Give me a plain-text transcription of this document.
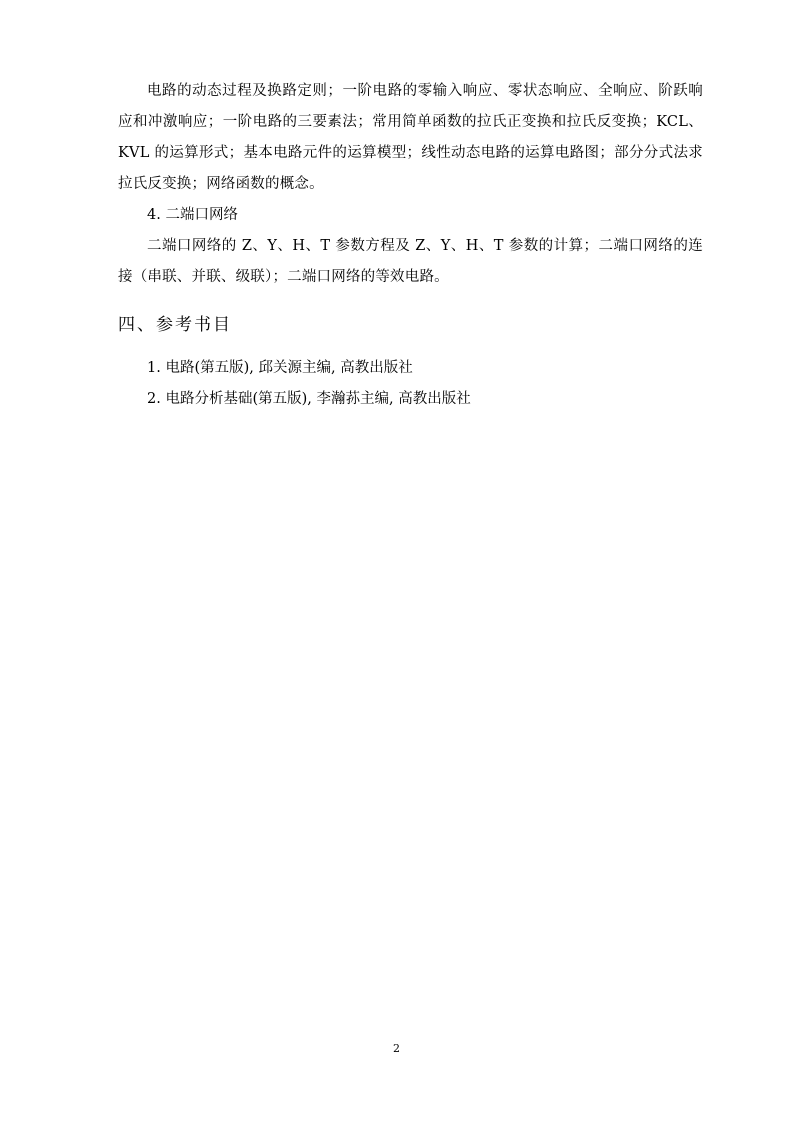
电路的动态过程及换路定则；一阶电路的零输入响应、零状态响应、全响应、阶跃响应和冲激响应；一阶电路的三要素法；常用简单函数的拉氏正变换和拉氏反变换；KCL、KVL 的运算形式；基本电路元件的运算模型；线性动态电路的运算电路图；部分分式法求拉氏反变换；网络函数的概念。

4. 二端口网络

二端口网络的 Z、Y、H、T 参数方程及 Z、Y、H、T 参数的计算；二端口网络的连接（串联、并联、级联）；二端口网络的等效电路。

四、参考书目
1. 电路(第五版), 邱关源主编, 高教出版社
2. 电路分析基础(第五版), 李瀚荪主编, 高教出版社
2
